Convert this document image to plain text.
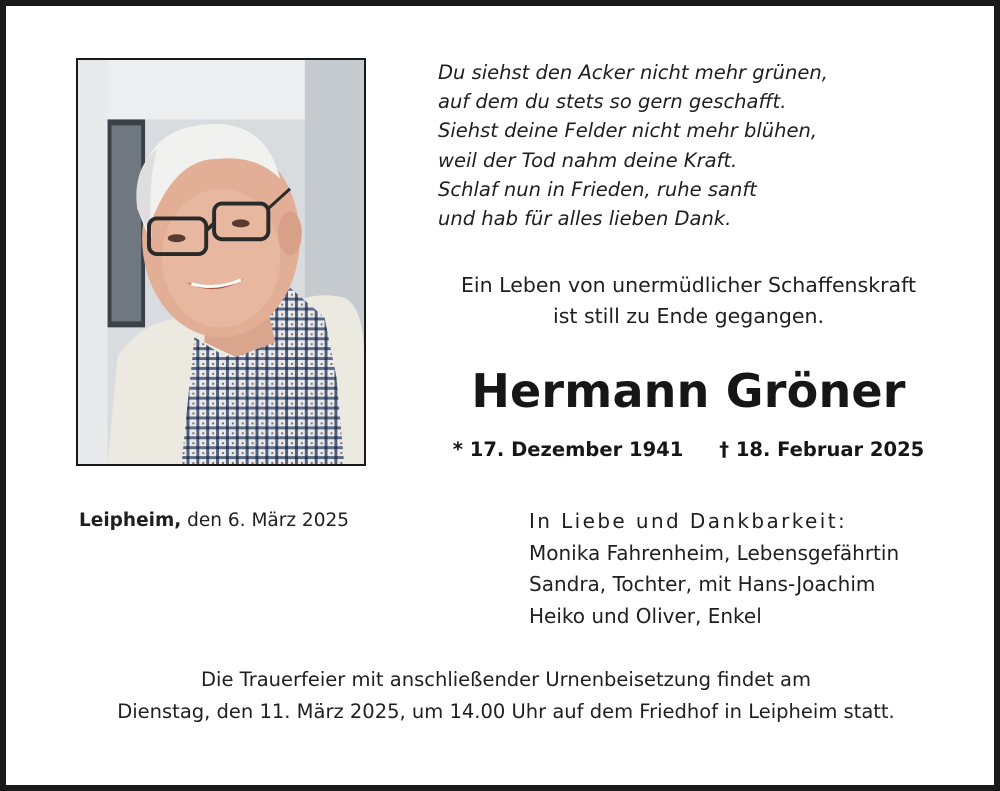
Du siehst den Acker nicht mehr grünen,
auf dem du stets so gern geschafft.
Siehst deine Felder nicht mehr blühen,
weil der Tod nahm deine Kraft.
Schlaf nun in Frieden, ruhe sanft
und hab für alles lieben Dank.
Ein Leben von unermüdlicher Schaffenskraft
ist still zu Ende gegangen.
Hermann Gröner
* 17. Dezember 1941 † 18. Februar 2025
Leipheim, den 6. März 2025	In Liebe und Dankbarkeit:
Monika Fahrenheim, Lebensgefährtin
Sandra, Tochter, mit Hans-Joachim
Heiko und Oliver, Enkel
Die Trauerfeier mit anschließender Urnenbeisetzung findet am
Dienstag, den 11. März 2025, um 14.00 Uhr auf dem Friedhof in Leipheim statt.
